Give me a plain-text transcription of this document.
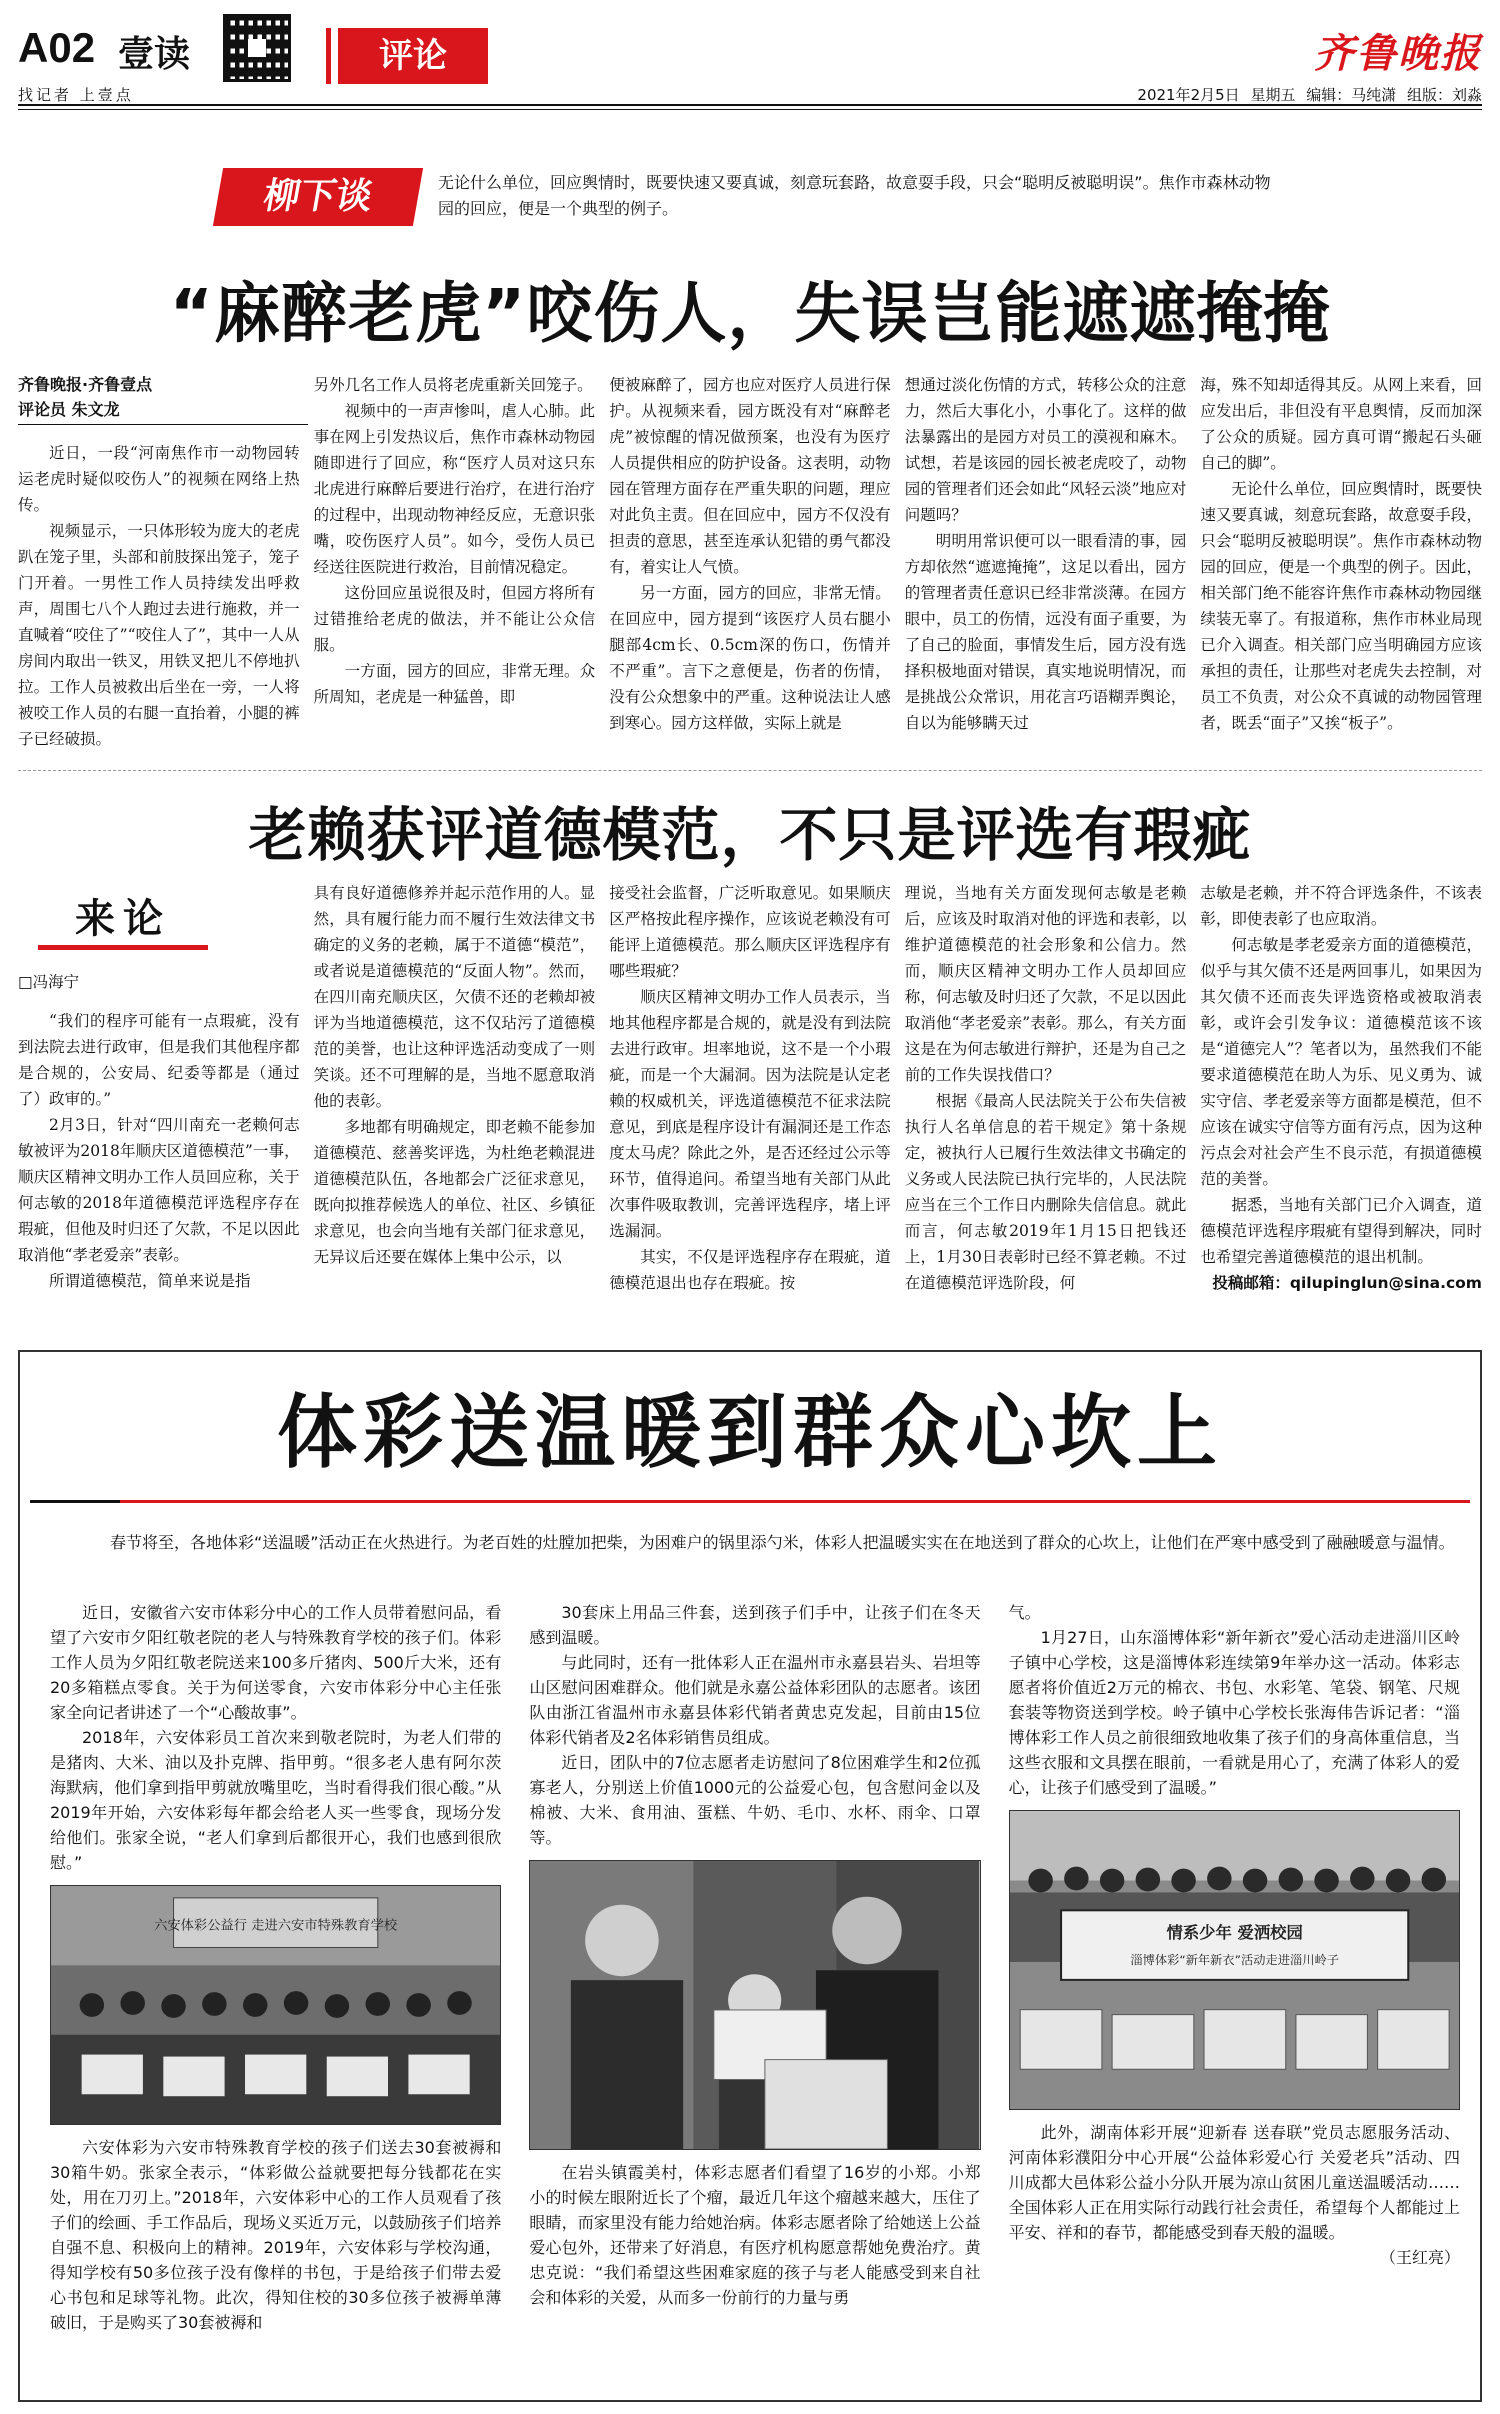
A02 壹读
找记者 上壹点
评论	齐鲁晚报
2021年2月5日 星期五 编辑：马纯潇 组版：刘淼
柳下谈	无论什么单位，回应舆情时，既要快速又要真诚，刻意玩套路，故意耍手段，只会“聪明反被聪明误”。焦作市森林动物园的回应，便是一个典型的例子。
“麻醉老虎”咬伤人，失误岂能遮遮掩掩
齐鲁晚报·齐鲁壹点
评论员 朱文龙

近日，一段“河南焦作市一动物园转运老虎时疑似咬伤人”的视频在网络上热传。

视频显示，一只体形较为庞大的老虎趴在笼子里，头部和前肢探出笼子，笼子门开着。一男性工作人员持续发出呼救声，周围七八个人跑过去进行施救，并一直喊着“咬住了”“咬住人了”，其中一人从房间内取出一铁叉，用铁叉把儿不停地扒拉。工作人员被救出后坐在一旁，一人将被咬工作人员的右腿一直抬着，小腿的裤子已经破损。

另外几名工作人员将老虎重新关回笼子。

视频中的一声声惨叫，虐人心肺。此事在网上引发热议后，焦作市森林动物园随即进行了回应，称“医疗人员对这只东北虎进行麻醉后要进行治疗，在进行治疗的过程中，出现动物神经反应，无意识张嘴，咬伤医疗人员”。如今，受伤人员已经送往医院进行救治，目前情况稳定。

这份回应虽说很及时，但园方将所有过错推给老虎的做法，并不能让公众信服。

一方面，园方的回应，非常无理。众所周知，老虎是一种猛兽，即

便被麻醉了，园方也应对医疗人员进行保护。从视频来看，园方既没有对“麻醉老虎”被惊醒的情况做预案，也没有为医疗人员提供相应的防护设备。这表明，动物园在管理方面存在严重失职的问题，理应对此负主责。但在回应中，园方不仅没有担责的意思，甚至连承认犯错的勇气都没有，着实让人气愤。

另一方面，园方的回应，非常无情。在回应中，园方提到“该医疗人员右腿小腿部4cm长、0.5cm深的伤口，伤情并不严重”。言下之意便是，伤者的伤情，没有公众想象中的严重。这种说法让人感到寒心。园方这样做，实际上就是

想通过淡化伤情的方式，转移公众的注意力，然后大事化小，小事化了。这样的做法暴露出的是园方对员工的漠视和麻木。试想，若是该园的园长被老虎咬了，动物园的管理者们还会如此“风轻云淡”地应对问题吗？

明明用常识便可以一眼看清的事，园方却依然“遮遮掩掩”，这足以看出，园方的管理者责任意识已经非常淡薄。在园方眼中，员工的伤情，远没有面子重要，为了自己的脸面，事情发生后，园方没有选择积极地面对错误，真实地说明情况，而是挑战公众常识，用花言巧语糊弄舆论，自以为能够瞒天过

海，殊不知却适得其反。从网上来看，回应发出后，非但没有平息舆情，反而加深了公众的质疑。园方真可谓“搬起石头砸自己的脚”。

无论什么单位，回应舆情时，既要快速又要真诚，刻意玩套路，故意耍手段，只会“聪明反被聪明误”。焦作市森林动物园的回应，便是一个典型的例子。因此，相关部门绝不能容许焦作市森林动物园继续装无辜了。有报道称，焦作市林业局现已介入调查。相关部门应当明确园方应该承担的责任，让那些对老虎失去控制，对员工不负责，对公众不真诚的动物园管理者，既丢“面子”又挨“板子”。

老赖获评道德模范，不只是评选有瑕疵
来论
□冯海宁

“我们的程序可能有一点瑕疵，没有到法院去进行政审，但是我们其他程序都是合规的，公安局、纪委等都是（通过了）政审的。”

2月3日，针对“四川南充一老赖何志敏被评为2018年顺庆区道德模范”一事，顺庆区精神文明办工作人员回应称，关于何志敏的2018年道德模范评选程序存在瑕疵，但他及时归还了欠款，不足以因此取消他“孝老爱亲”表彰。

所谓道德模范，简单来说是指

具有良好道德修养并起示范作用的人。显然，具有履行能力而不履行生效法律文书确定的义务的老赖，属于不道德“模范”，或者说是道德模范的“反面人物”。然而，在四川南充顺庆区，欠债不还的老赖却被评为当地道德模范，这不仅玷污了道德模范的美誉，也让这种评选活动变成了一则笑谈。还不可理解的是，当地不愿意取消他的表彰。

多地都有明确规定，即老赖不能参加道德模范、慈善奖评选，为杜绝老赖混进道德模范队伍，各地都会广泛征求意见，既向拟推荐候选人的单位、社区、乡镇征求意见，也会向当地有关部门征求意见，无异议后还要在媒体上集中公示，以

接受社会监督，广泛听取意见。如果顺庆区严格按此程序操作，应该说老赖没有可能评上道德模范。那么顺庆区评选程序有哪些瑕疵？

顺庆区精神文明办工作人员表示，当地其他程序都是合规的，就是没有到法院去进行政审。坦率地说，这不是一个小瑕疵，而是一个大漏洞。因为法院是认定老赖的权威机关，评选道德模范不征求法院意见，到底是程序设计有漏洞还是工作态度太马虎？除此之外，是否还经过公示等环节，值得追问。希望当地有关部门从此次事件吸取教训，完善评选程序，堵上评选漏洞。

其实，不仅是评选程序存在瑕疵，道德模范退出也存在瑕疵。按

理说，当地有关方面发现何志敏是老赖后，应该及时取消对他的评选和表彰，以维护道德模范的社会形象和公信力。然而，顺庆区精神文明办工作人员却回应称，何志敏及时归还了欠款，不足以因此取消他“孝老爱亲”表彰。那么，有关方面这是在为何志敏进行辩护，还是为自己之前的工作失误找借口？

根据《最高人民法院关于公布失信被执行人名单信息的若干规定》第十条规定，被执行人已履行生效法律文书确定的义务或人民法院已执行完毕的，人民法院应当在三个工作日内删除失信信息。就此而言，何志敏2019年1月15日把钱还上，1月30日表彰时已经不算老赖。不过在道德模范评选阶段，何

志敏是老赖，并不符合评选条件，不该表彰，即使表彰了也应取消。

何志敏是孝老爱亲方面的道德模范，似乎与其欠债不还是两回事儿，如果因为其欠债不还而丧失评选资格或被取消表彰，或许会引发争议：道德模范该不该是“道德完人”？笔者以为，虽然我们不能要求道德模范在助人为乐、见义勇为、诚实守信、孝老爱亲等方面都是模范，但不应该在诚实守信等方面有污点，因为这种污点会对社会产生不良示范，有损道德模范的美誉。

据悉，当地有关部门已介入调查，道德模范评选程序瑕疵有望得到解决，同时也希望完善道德模范的退出机制。

投稿邮箱：qilupinglun@sina.com

体彩送温暖到群众心坎上
春节将至，各地体彩“送温暖”活动正在火热进行。为老百姓的灶膛加把柴，为困难户的锅里添勺米，体彩人把温暖实实在在地送到了群众的心坎上，让他们在严寒中感受到了融融暖意与温情。

近日，安徽省六安市体彩分中心的工作人员带着慰问品，看望了六安市夕阳红敬老院的老人与特殊教育学校的孩子们。体彩工作人员为夕阳红敬老院送来100多斤猪肉、500斤大米，还有20多箱糕点零食。关于为何送零食，六安市体彩分中心主任张家全向记者讲述了一个“心酸故事”。

2018年，六安体彩员工首次来到敬老院时，为老人们带的是猪肉、大米、油以及扑克牌、指甲剪。“很多老人患有阿尔茨海默病，他们拿到指甲剪就放嘴里吃，当时看得我们很心酸。”从2019年开始，六安体彩每年都会给老人买一些零食，现场分发给他们。张家全说，“老人们拿到后都很开心，我们也感到很欣慰。”

六安体彩公益行 走进六安市特殊教育学校
六安体彩为六安市特殊教育学校的孩子们送去30套被褥和30箱牛奶。张家全表示，“体彩做公益就要把每分钱都花在实处，用在刀刃上。”2018年，六安体彩中心的工作人员观看了孩子们的绘画、手工作品后，现场义买近万元，以鼓励孩子们培养自强不息、积极向上的精神。2019年，六安体彩与学校沟通，得知学校有50多位孩子没有像样的书包，于是给孩子们带去爱心书包和足球等礼物。此次，得知住校的30多位孩子被褥单薄破旧，于是购买了30套被褥和

30套床上用品三件套，送到孩子们手中，让孩子们在冬天感到温暖。

与此同时，还有一批体彩人正在温州市永嘉县岩头、岩坦等山区慰问困难群众。他们就是永嘉公益体彩团队的志愿者。该团队由浙江省温州市永嘉县体彩代销者黄忠克发起，目前由15位体彩代销者及2名体彩销售员组成。

近日，团队中的7位志愿者走访慰问了8位困难学生和2位孤寡老人，分别送上价值1000元的公益爱心包，包含慰问金以及棉被、大米、食用油、蛋糕、牛奶、毛巾、水杯、雨伞、口罩等。

在岩头镇霞美村，体彩志愿者们看望了16岁的小郑。小郑小的时候左眼附近长了个瘤，最近几年这个瘤越来越大，压住了眼睛，而家里没有能力给她治病。体彩志愿者除了给她送上公益爱心包外，还带来了好消息，有医疗机构愿意帮她免费治疗。黄忠克说：“我们希望这些困难家庭的孩子与老人能感受到来自社会和体彩的关爱，从而多一份前行的力量与勇

气。

1月27日，山东淄博体彩“新年新衣”爱心活动走进淄川区岭子镇中心学校，这是淄博体彩连续第9年举办这一活动。体彩志愿者将价值近2万元的棉衣、书包、水彩笔、笔袋、钢笔、尺规套装等物资送到学校。岭子镇中心学校长张海伟告诉记者：“淄博体彩工作人员之前很细致地收集了孩子们的身高体重信息，当这些衣服和文具摆在眼前，一看就是用心了，充满了体彩人的爱心，让孩子们感受到了温暖。”

情系少年 爱洒校园
淄博体彩“新年新衣”活动走进淄川岭子
此外，湖南体彩开展“迎新春 送春联”党员志愿服务活动、河南体彩濮阳分中心开展“公益体彩爱心行 关爱老兵”活动、四川成都大邑体彩公益小分队开展为凉山贫困儿童送温暖活动……全国体彩人正在用实际行动践行社会责任，希望每个人都能过上平安、祥和的春节，都能感受到春天般的温暖。
（王红亮）
